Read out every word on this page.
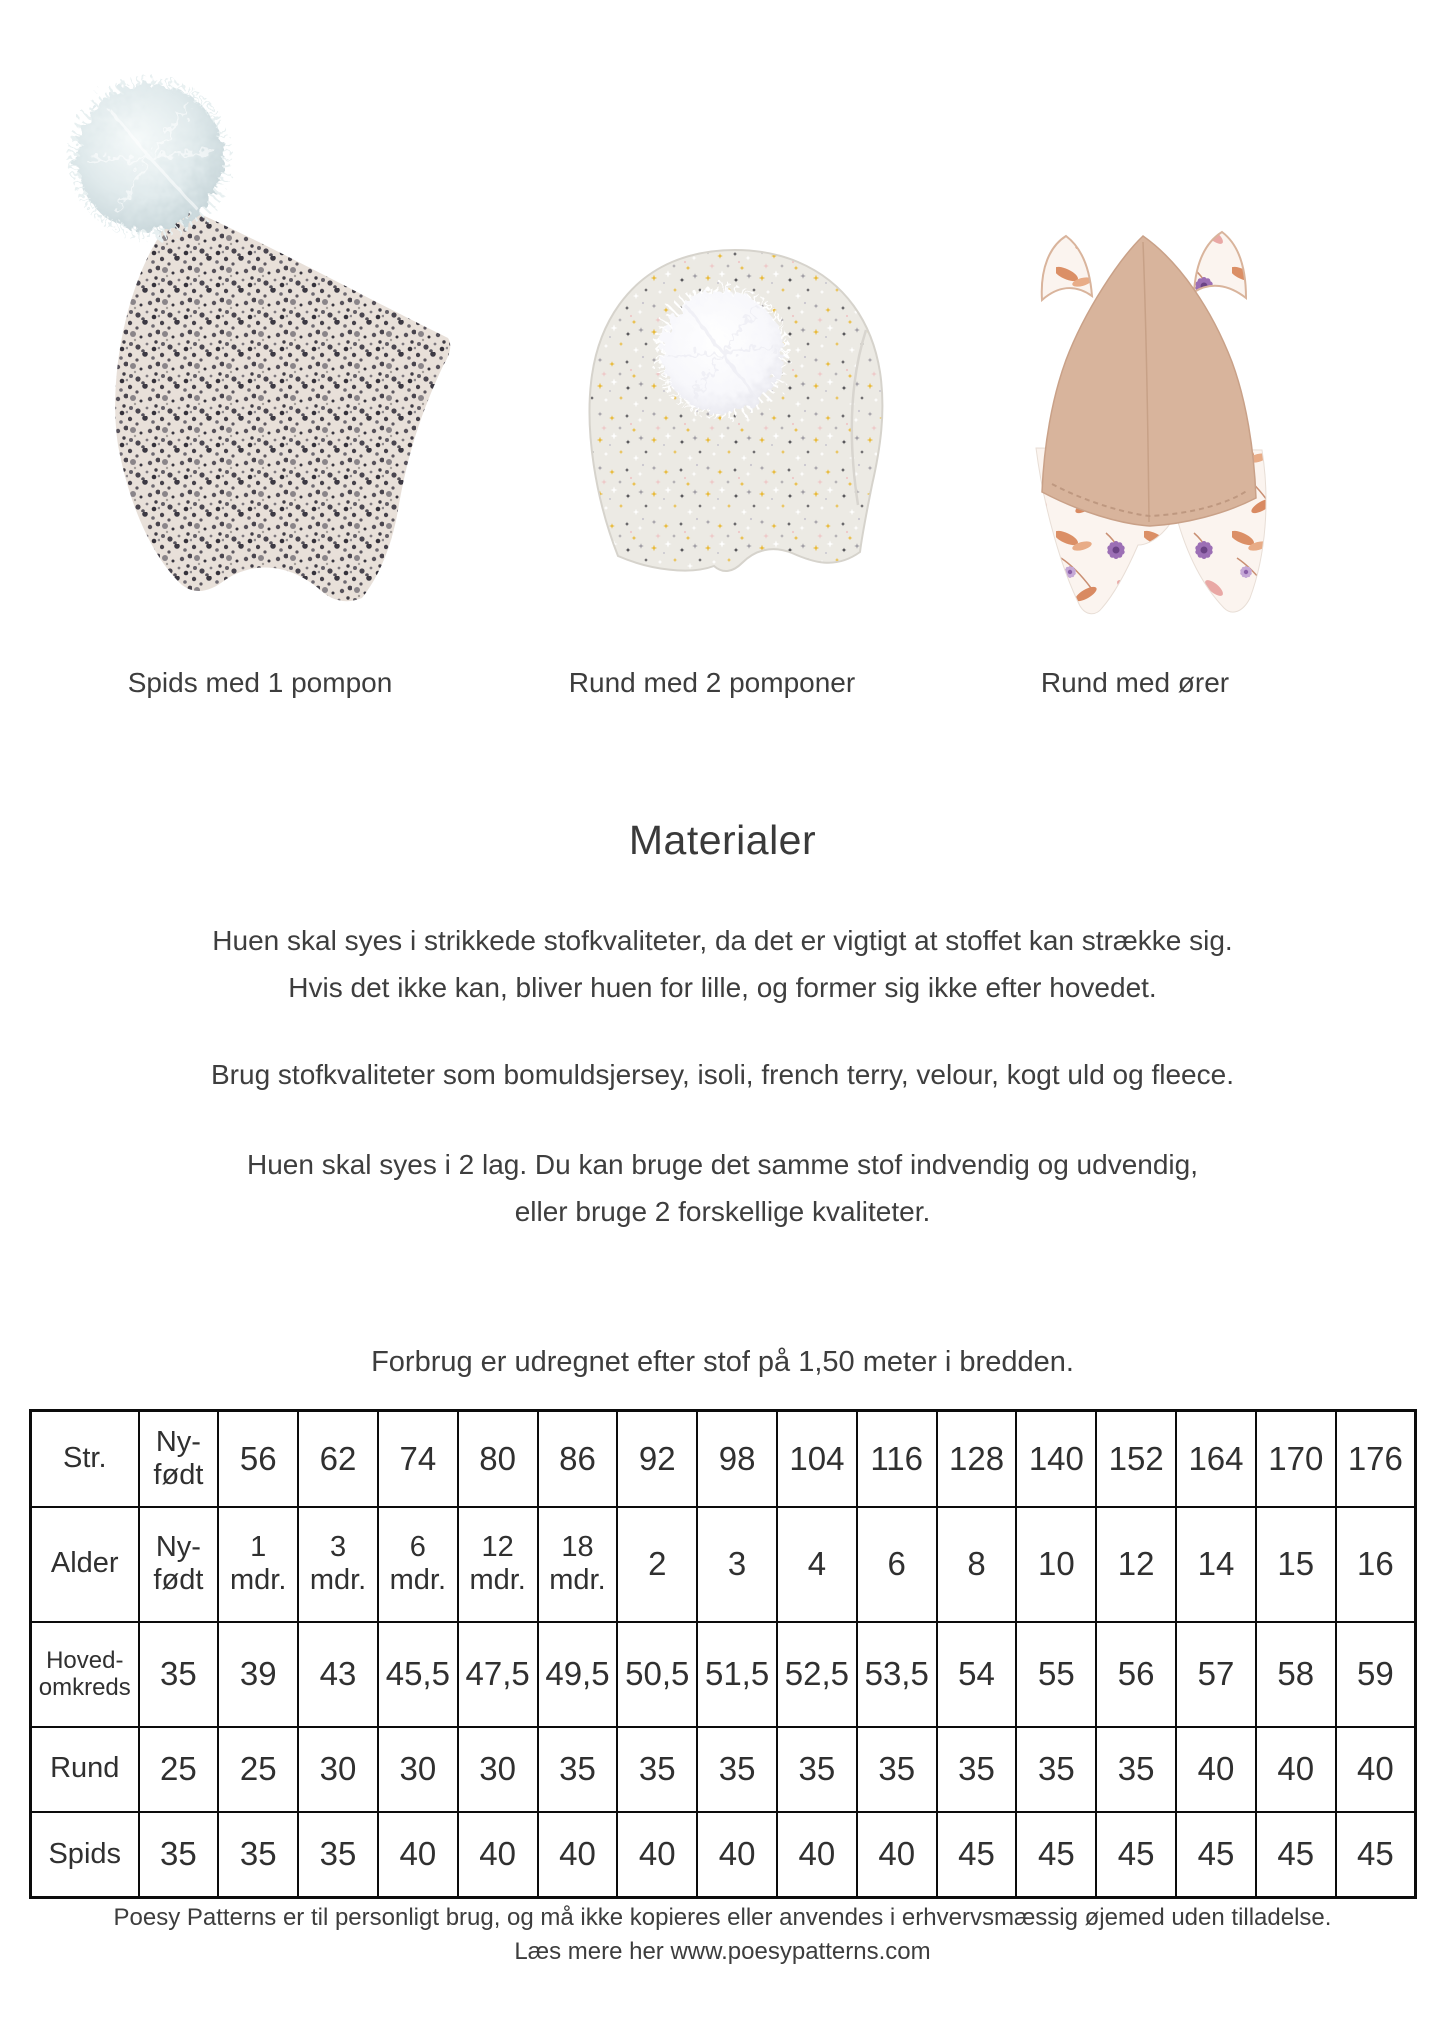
Spids med 1 pompon	Rund med 2 pomponer	Rund med ører
Materialer
Huen skal syes i strikkede stofkvaliteter, da det er vigtigt at stoffet kan strække sig.
Hvis det ikke kan, bliver huen for lille, og former sig ikke efter hovedet.
Brug stofkvaliteter som bomuldsjersey, isoli, french terry, velour, kogt uld og fleece.
Huen skal syes i 2 lag. Du kan bruge det samme stof indvendig og udvendig,
eller bruge 2 forskellige kvaliteter.
Forbrug er udregnet efter stof på 1,50 meter i bredden.
Str.	Ny-født	56	62	74	80	86	92	98	104	116	128	140	152	164	170	176
Alder	Ny-født	1 mdr.	3 mdr.	6 mdr.	12 mdr.	18 mdr.	2	3	4	6	8	10	12	14	15	16
Hoved-omkreds	35	39	43	45,5	47,5	49,5	50,5	51,5	52,5	53,5	54	55	56	57	58	59
Rund	25	25	30	30	30	35	35	35	35	35	35	35	35	40	40	40
Spids	35	35	35	40	40	40	40	40	40	40	45	45	45	45	45	45
Poesy Patterns er til personligt brug, og må ikke kopieres eller anvendes i erhvervsmæssig øjemed uden tilladelse.
Læs mere her www.poesypatterns.com
